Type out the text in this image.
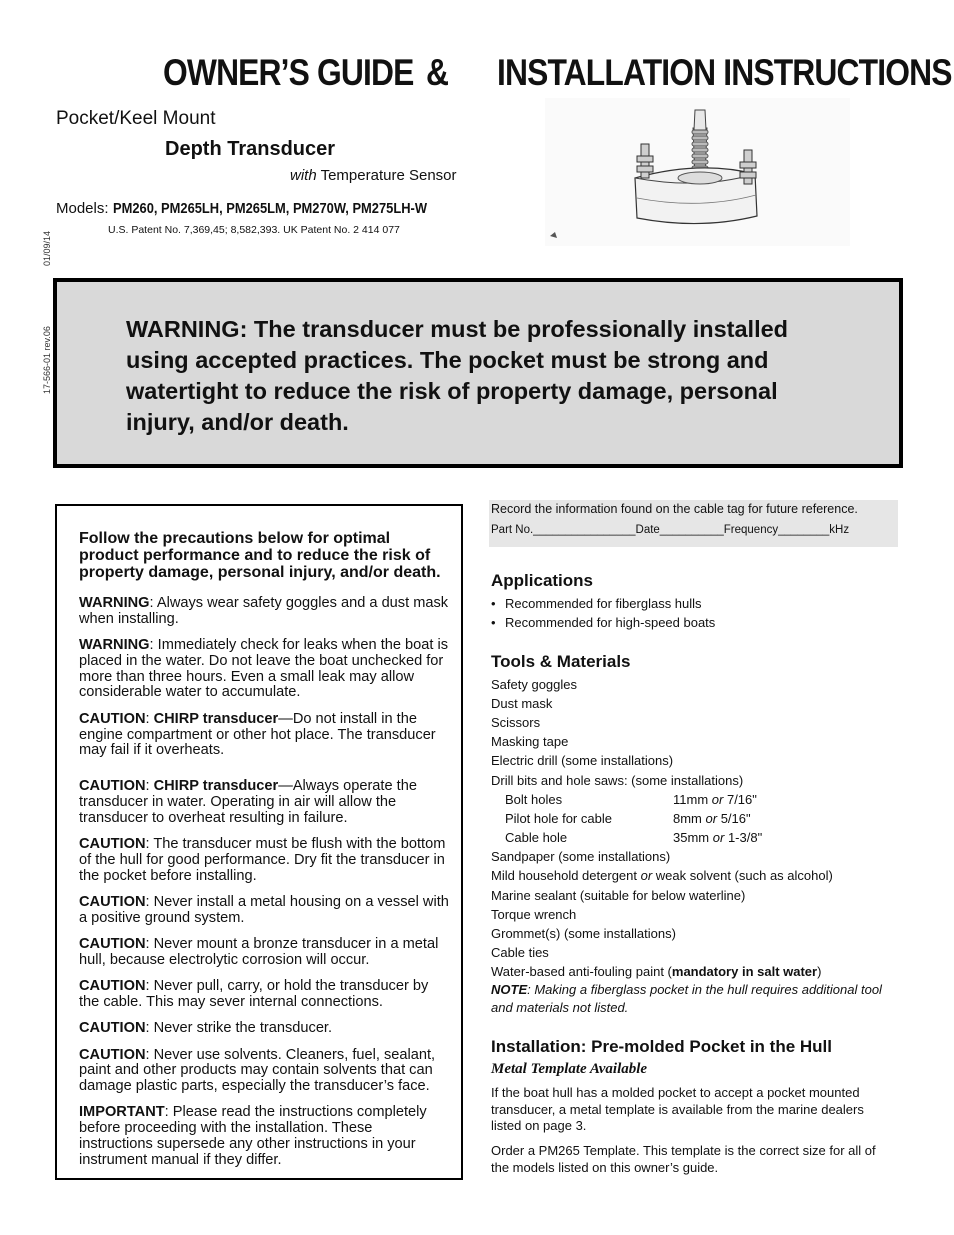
OWNER’S GUIDE & INSTALLATION INSTRUCTIONS
Pocket/Keel Mount
Depth Transducer
with Temperature Sensor
Models: PM260, PM265LH, PM265LM, PM270W, PM275LH-W
U.S. Patent No. 7,369,45; 8,582,393. UK Patent No. 2 414 077
01/09/14
17-566-01 rev.06	WARNING: The transducer must be professionally installed using accepted practices. The pocket must be strong and watertight to reduce the risk of property damage, personal injury, and/or death.

Follow the precautions below for optimal product performance and to reduce the risk of property damage, personal injury, and/or death.

WARNING: Always wear safety goggles and a dust mask when installing.

WARNING: Immediately check for leaks when the boat is placed in the water. Do not leave the boat unchecked for more than three hours. Even a small leak may allow considerable water to accumulate.

CAUTION: CHIRP transducer—Do not install in the engine compartment or other hot place. The transducer may fail if it overheats.

CAUTION: CHIRP transducer—Always operate the transducer in water. Operating in air will allow the transducer to overheat resulting in failure.

CAUTION: The transducer must be flush with the bottom of the hull for good performance. Dry fit the transducer in the pocket before installing.

CAUTION: Never install a metal housing on a vessel with a positive ground system.

CAUTION: Never mount a bronze transducer in a metal hull, because electrolytic corrosion will occur.

CAUTION: Never pull, carry, or hold the transducer by the cable. This may sever internal connections.

CAUTION: Never strike the transducer.

CAUTION: Never use solvents. Cleaners, fuel, sealant, paint and other products may contain solvents that can damage plastic parts, especially the transducer’s face.

IMPORTANT: Please read the instructions completely before proceeding with the installation. These instructions supersede any other instructions in your instrument manual if they differ.

Record the information found on the cable tag for future reference.
Part No.________________Date__________Frequency________kHz
Applications
• Recommended for fiberglass hulls
• Recommended for high-speed boats
Tools & Materials
Safety goggles
Dust mask
Scissors
Masking tape
Electric drill (some installations)
Drill bits and hole saws: (some installations)
Bolt holes	11mm or 7/16"
Pilot hole for cable	8mm or 5/16"
Cable hole	35mm or 1-3/8"
Sandpaper (some installations)
Mild household detergent or weak solvent (such as alcohol)
Marine sealant (suitable for below waterline)
Torque wrench
Grommet(s) (some installations)
Cable ties
Water-based anti-fouling paint (mandatory in salt water)
NOTE: Making a fiberglass pocket in the hull requires additional tool and materials not listed.
Installation: Pre-molded Pocket in the Hull
Metal Template Available
If the boat hull has a molded pocket to accept a pocket mounted transducer, a metal template is available from the marine dealers listed on page 3.
Order a PM265 Template. This template is the correct size for all of the models listed on this owner’s guide.
